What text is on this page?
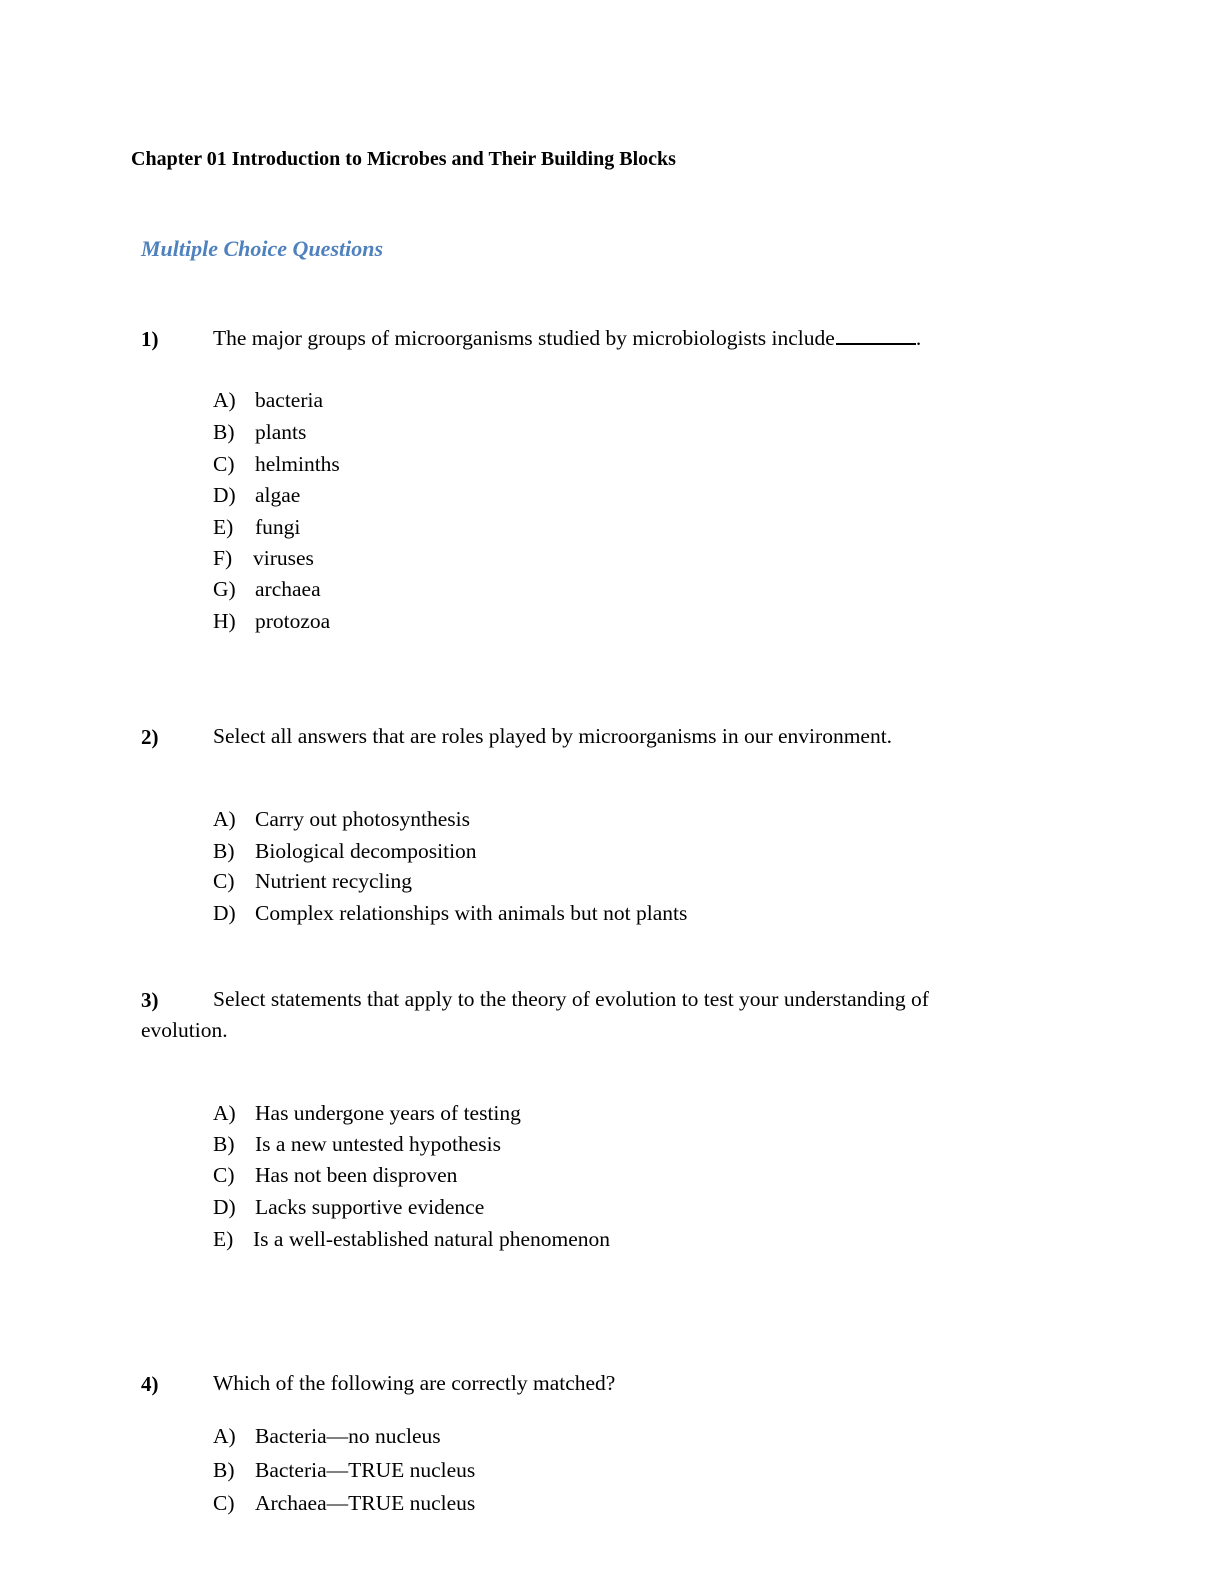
Chapter 01 Introduction to Microbes and Their Building Blocks
Multiple Choice Questions
1)	The major groups of microorganisms studied by microbiologists include	.
A) bacteria
B) plants
C) helminths
D) algae
E) fungi
F) viruses
G) archaea
H) protozoa
2)	Select all answers that are roles played by microorganisms in our environment.
A) Carry out photosynthesis
B) Biological decomposition
C) Nutrient recycling
D) Complex relationships with animals but not plants
3)	Select statements that apply to the theory of evolution to test your understanding of
evolution.
A) Has undergone years of testing
B) Is a new untested hypothesis
C) Has not been disproven
D) Lacks supportive evidence
E) Is a well-established natural phenomenon
4)	Which of the following are correctly matched?
A) Bacteria—no nucleus
B) Bacteria—TRUE nucleus
C) Archaea—TRUE nucleus
